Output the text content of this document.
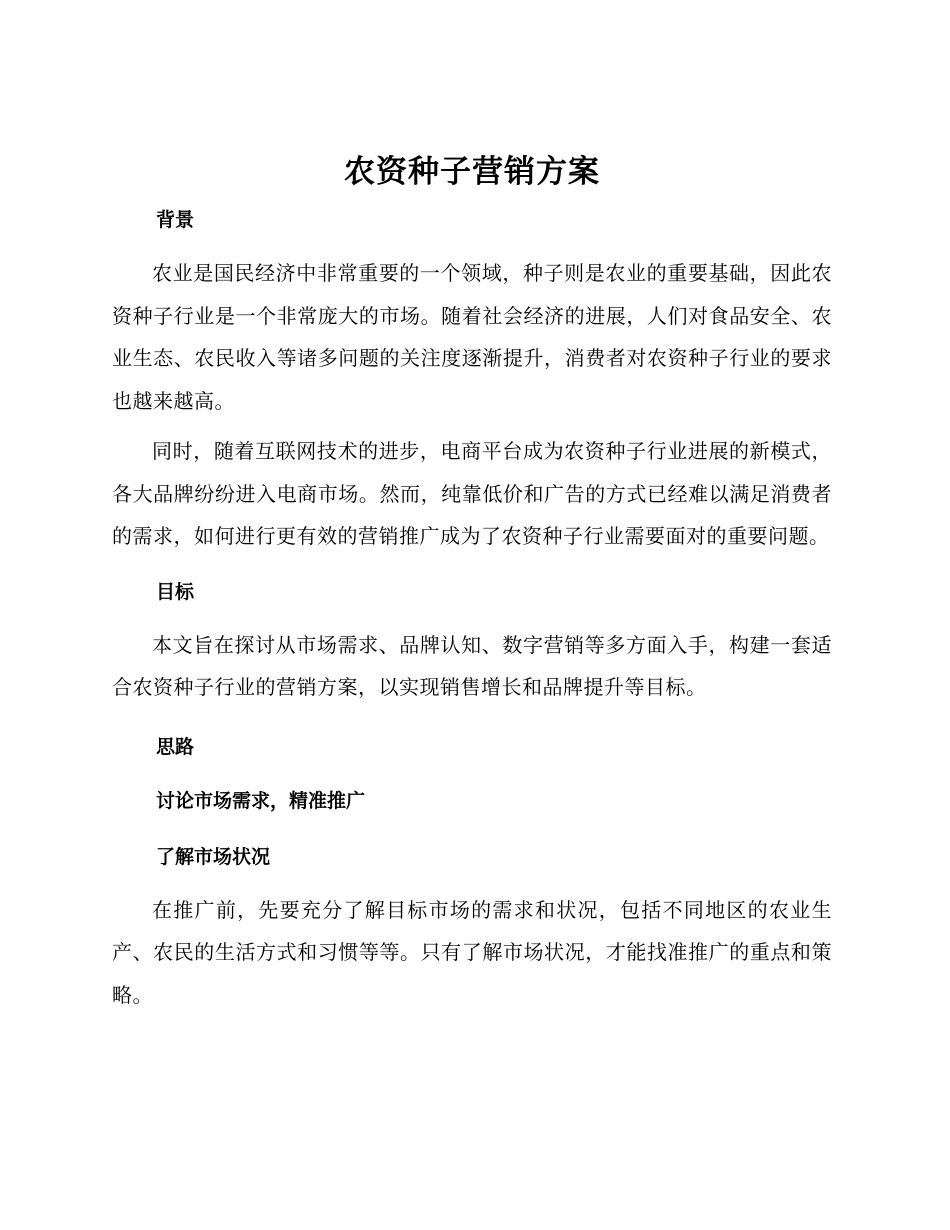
农资种子营销方案
背景

农业是国民经济中非常重要的一个领域，种子则是农业的重要基础，因此农资种子行业是一个非常庞大的市场。随着社会经济的进展，人们对食品安全、农业生态、农民收入等诸多问题的关注度逐渐提升，消费者对农资种子行业的要求也越来越高。

同时，随着互联网技术的进步，电商平台成为农资种子行业进展的新模式，各大品牌纷纷进入电商市场。然而，纯靠低价和广告的方式已经难以满足消费者的需求，如何进行更有效的营销推广成为了农资种子行业需要面对的重要问题。

目标

本文旨在探讨从市场需求、品牌认知、数字营销等多方面入手，构建一套适合农资种子行业的营销方案，以实现销售增长和品牌提升等目标。

思路
讨论市场需求，精准推广
了解市场状况

在推广前，先要充分了解目标市场的需求和状况，包括不同地区的农业生产、农民的生活方式和习惯等等。只有了解市场状况，才能找准推广的重点和策略。
